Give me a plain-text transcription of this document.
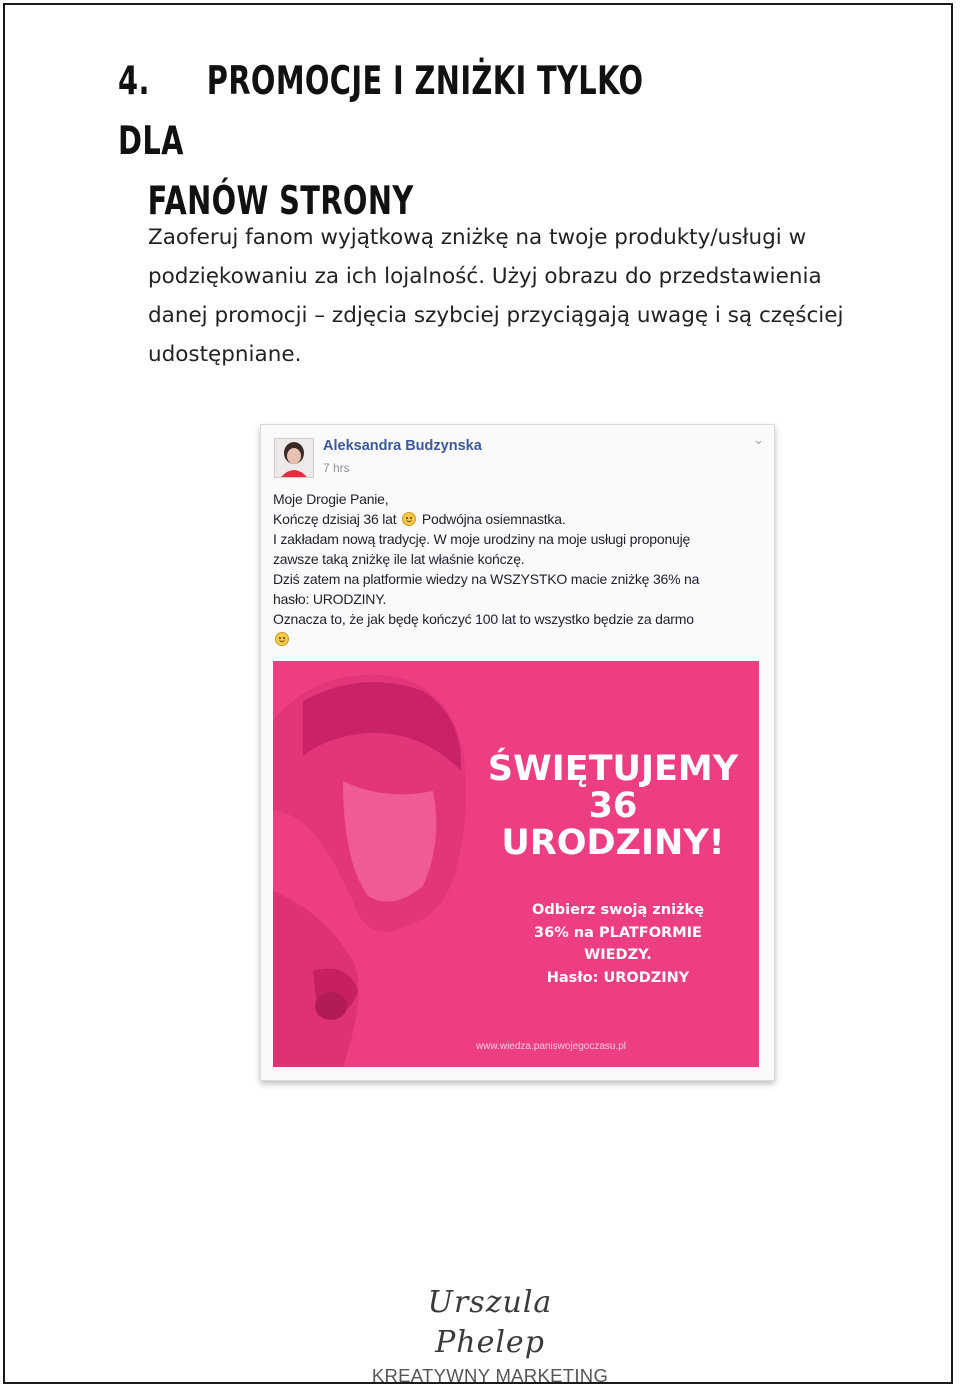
4. PROMOCJE I ZNIŻKI TYLKO DLA
FANÓW STRONY

Zaoferuj fanom wyjątkową zniżkę na twoje produkty/usługi w podziękowaniu za ich lojalność. Użyj obrazu do przedstawienia danej promocji – zdjęcia szybciej przyciągają uwagę i są częściej udostępniane.

Aleksandra Budzynska
7 hrs
⌄
Moje Drogie Panie,
Kończę dzisiaj 36 lat Podwójna osiemnastka.
I zakładam nową tradycję. W moje urodziny na moje usługi proponuję
zawsze taką zniżkę ile lat właśnie kończę.
Dziś zatem na platformie wiedzy na WSZYSTKO macie zniżkę 36% na
hasło: URODZINY.
Oznacza to, że jak będę kończyć 100 lat to wszystko będzie za darmo
ŚWIĘTUJEMY
36
URODZINY!
Odbierz swoją zniżkę
36% na PLATFORMIE
WIEDZY.
Hasło: URODZINY
www.wiedza.paniswojegoczasu.pl
Urszula Phelep
KREATYWNY MARKETING
